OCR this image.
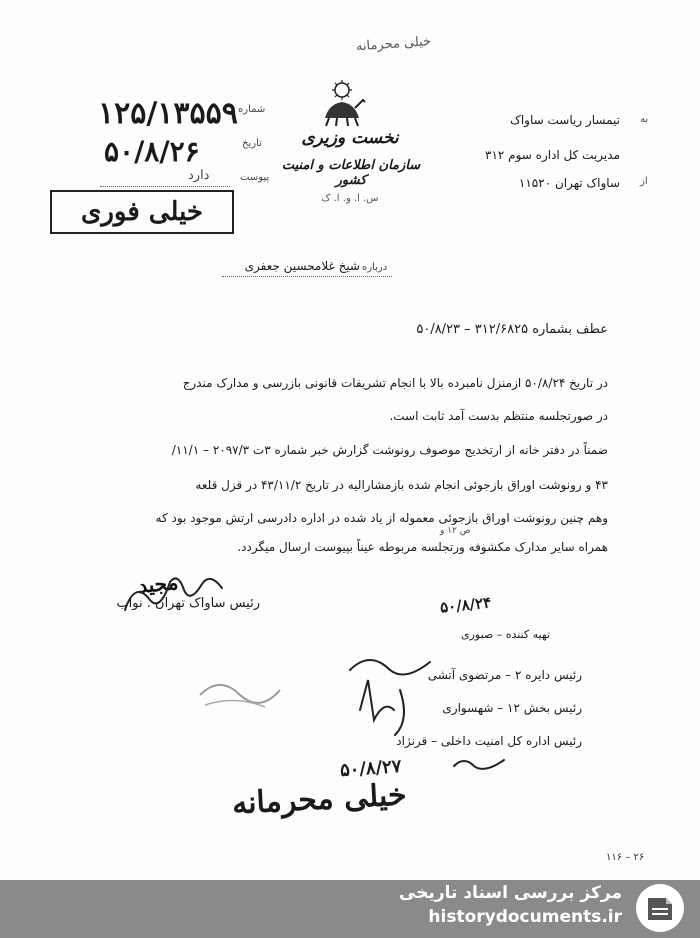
خیلی محرمانه
نخست وزیری
سازمان اطلاعات و امنیت کشور
س. ا. و. ا. ک
شماره
۱۲۵/۱۳۵۵۹
تاریخ
۵۰/۸/۲۶
پیوست
دارد
خیلی فوری
به
تیمسار ریاست ساواک
مدیریت کل اداره سوم ۳۱۲
از
ساواک تهران ۱۱۵۲۰
درباره
شیخ غلامحسین جعفری
عطف بشماره ۳۱۲/۶۸۲۵ – ۵۰/۸/۲۳
در تاریخ ۵۰/۸/۲۴ ازمنزل نامبرده بالا با انجام تشریفات قانونی بازرسی و مدارک مندرج
در صورتجلسه منتظم بدست آمد ثابت است.
ضمناً در دفتر خانه از ارتخدیج موصوف رونوشت گزارش خبر شماره ۳ت ۲۰۹۷/۳ – ۱۱/۱/
۴۳ و رونوشت اوراق بازجوئی انجام شده بازمشارالیه در تاریخ ۴۳/۱۱/۲ در قزل قلعه
وهم چنین رونوشت اوراق بازجوئی معموله از یاد شده در اداره دادرسی ارتش موجود بود که
همراه سایر مدارک مکشوفه ورتجلسه مربوطه عیناً بپیوست ارسال میگردد.
ص ۱۲ و
مجید
رئیس ساواک تهران . نواب	۵۰/۸/۲۴
تهیه کننده – صبوری
رئیس دایره ۲ – مرتضوی آتشی
رئیس بخش ۱۲ – شهسواری
رئیس اداره کل امنیت داخلی – قرنژاد
۵۰/۸/۲۷
خیلی محرمانه
۲۶ – ۱۱۶
مرکز بررسی اسناد تاریخی
historydocuments.ir
